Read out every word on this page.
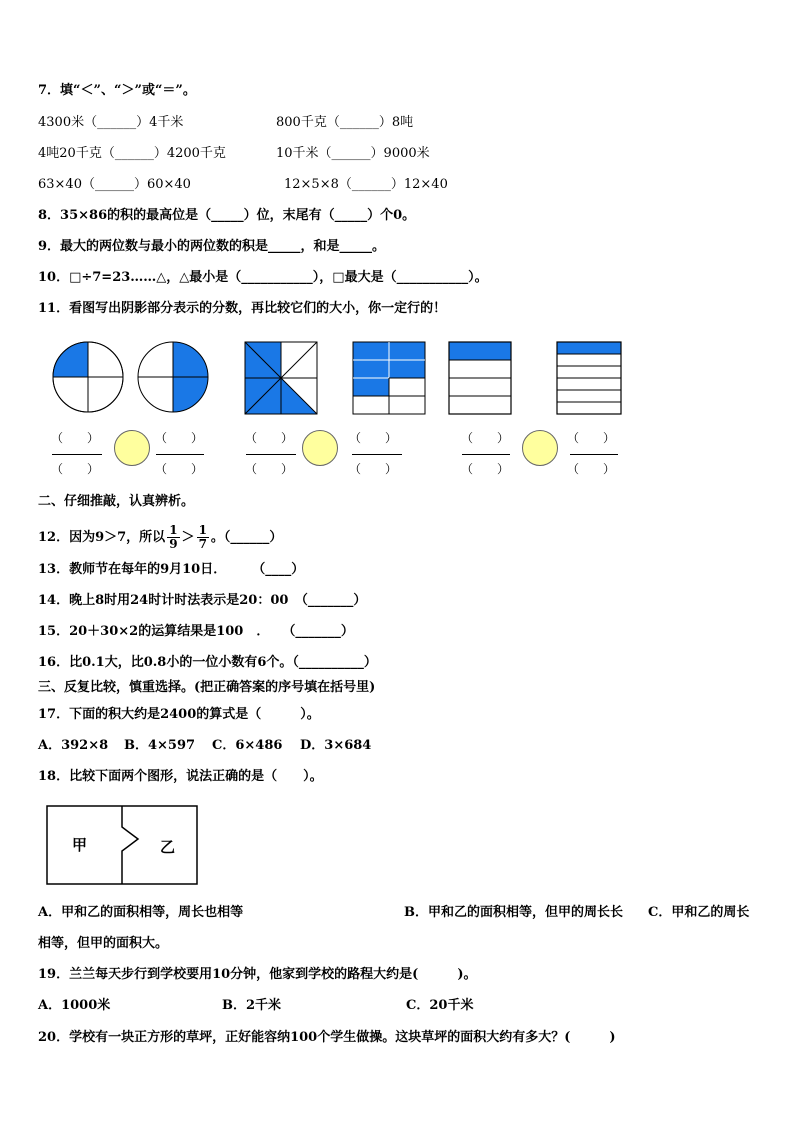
7．填“＜”、“＞”或“＝”。
4300米（______）4千米	800千克（______）8吨
4吨20千克（______）4200千克	10千米（______）9000米
63×40（______）60×40	12×5×8（______）12×40
8．35×86的积的最高位是（_____）位，末尾有（_____）个0。
9．最大的两位数与最小的两位数的积是_____，和是_____。
10．□÷7=23……△，△最小是（___________），□最大是（___________）。
11．看图写出阴影部分表示的分数，再比较它们的大小，你一定行的！
（　　）
（　　）
（　　）
（　　）
（　　）
（　　）
（　　）
（　　）
（　　）
（　　）
（　　）
（　　）
二、仔细推敲，认真辨析。
12．因为9＞7，所以 $\frac{1}{9} > \frac{1}{7}$ 。（______）
13．教师节在每年的9月10日．　　　（____）
14．晚上8时用24时计时法表示是20：00　（_______）
15．20＋30×2的运算结果是100　．　　（_______）
16．比0.1大，比0.8小的一位小数有6个。（__________）
三、反复比较，慎重选择。(把正确答案的序号填在括号里)
17．下面的积大约是2400的算式是（　　　）。
A．392×8 B．4×597 C．6×486 D．3×684
18．比较下面两个图形，说法正确的是（　　）。
甲	乙
A．甲和乙的面积相等，周长也相等	B．甲和乙的面积相等，但甲的周长长 C．甲和乙的周长
相等，但甲的面积大。
19．兰兰每天步行到学校要用10分钟，他家到学校的路程大约是(　　　)。
A．1000米	B．2千米	C．20千米
20．学校有一块正方形的草坪，正好能容纳100个学生做操。这块草坪的面积大约有多大？(　　　)
